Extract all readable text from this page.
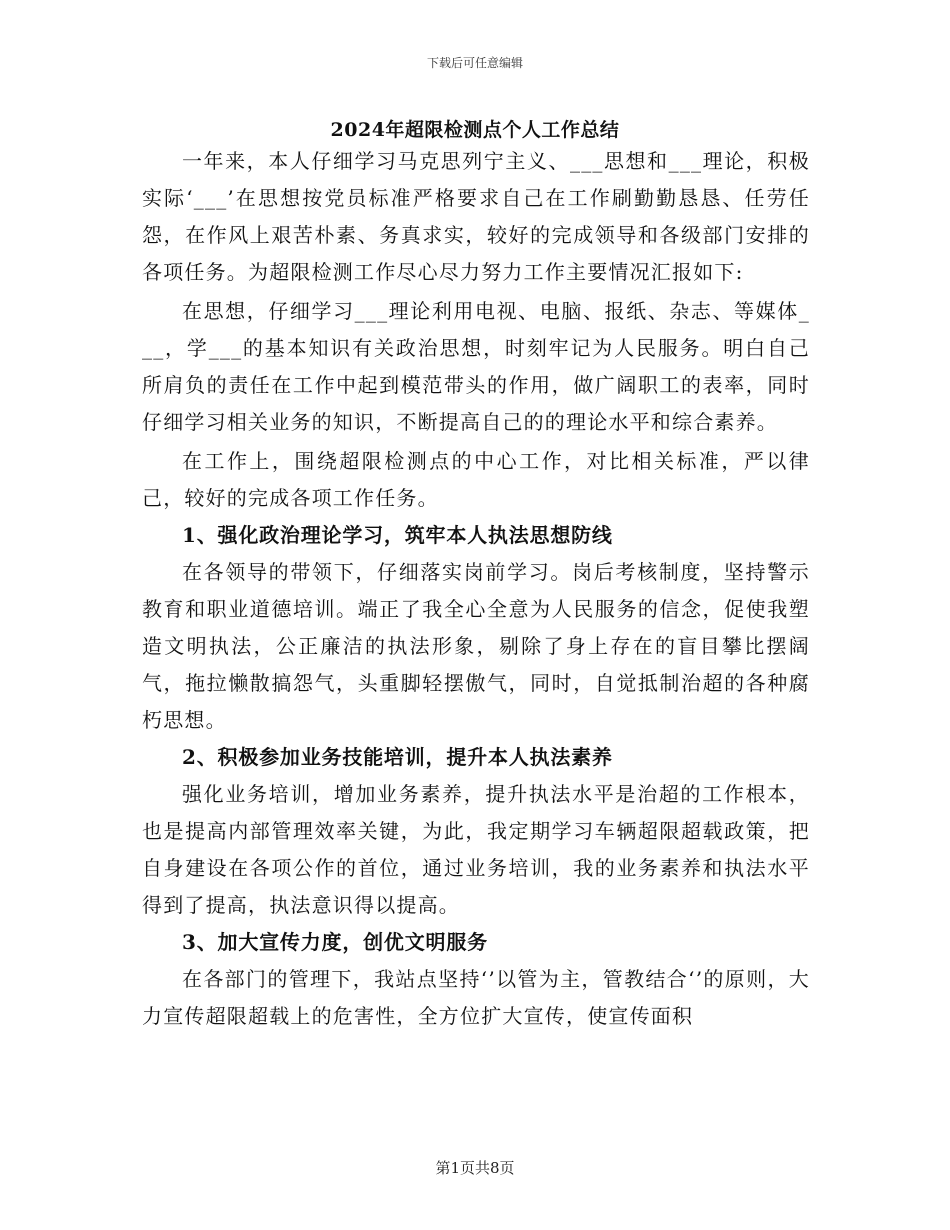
下载后可任意编辑
2024年超限检测点个人工作总结

一年来，本人仔细学习马克思列宁主义、___思想和___理论，积极实际‘___’在思想按党员标准严格要求自己在工作刷勤勤恳恳、任劳任怨，在作风上艰苦朴素、务真求实，较好的完成领导和各级部门安排的各项任务。为超限检测工作尽心尽力努力工作主要情况汇报如下:

在思想，仔细学习___理论利用电视、电脑、报纸、杂志、等媒体___，学___的基本知识有关政治思想，时刻牢记为人民服务。明白自己所肩负的责任在工作中起到模范带头的作用，做广阔职工的表率，同时仔细学习相关业务的知识，不断提高自己的的理论水平和综合素养。

在工作上，围绕超限检测点的中心工作，对比相关标准，严以律己，较好的完成各项工作任务。

1、强化政治理论学习，筑牢本人执法思想防线

在各领导的带领下，仔细落实岗前学习。岗后考核制度，坚持警示教育和职业道德培训。端正了我全心全意为人民服务的信念，促使我塑造文明执法，公正廉洁的执法形象，剔除了身上存在的盲目攀比摆阔气，拖拉懒散搞怨气，头重脚轻摆傲气，同时，自觉抵制治超的各种腐朽思想。

2、积极参加业务技能培训，提升本人执法素养

强化业务培训，增加业务素养，提升执法水平是治超的工作根本，也是提高内部管理效率关键，为此，我定期学习车辆超限超载政策，把自身建设在各项公作的首位，通过业务培训，我的业务素养和执法水平得到了提高，执法意识得以提高。

3、加大宣传力度，创优文明服务

在各部门的管理下，我站点坚持‘’以管为主，管教结合‘’的原则，大力宣传超限超载上的危害性，全方位扩大宣传，使宣传面积

第1页共8页
